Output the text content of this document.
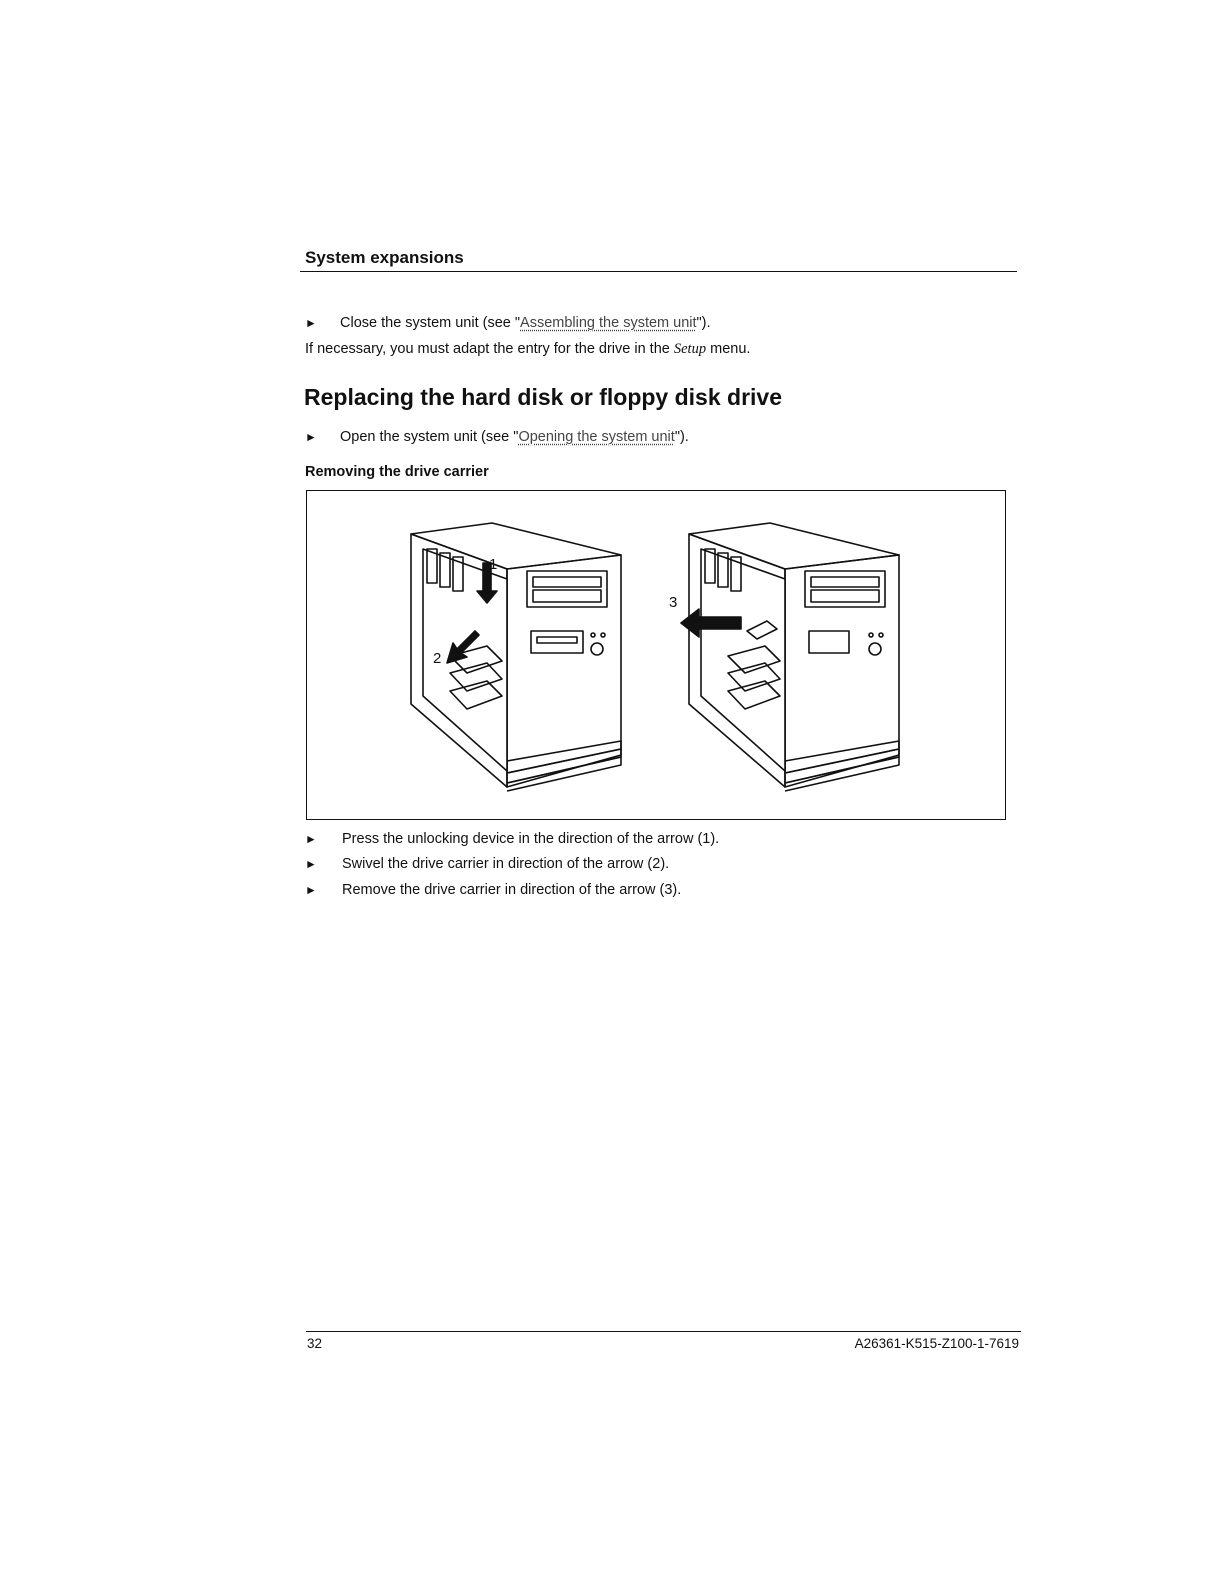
System expansions
► Close the system unit (see "Assembling the system unit").
If necessary, you must adapt the entry for the drive in the Setup menu.
Replacing the hard disk or floppy disk drive
► Open the system unit (see "Opening the system unit").
Removing the drive carrier
1
2
3
► Press the unlocking device in the direction of the arrow (1).
► Swivel the drive carrier in direction of the arrow (2).
► Remove the drive carrier in direction of the arrow (3).
32	A26361-K515-Z100-1-7619
